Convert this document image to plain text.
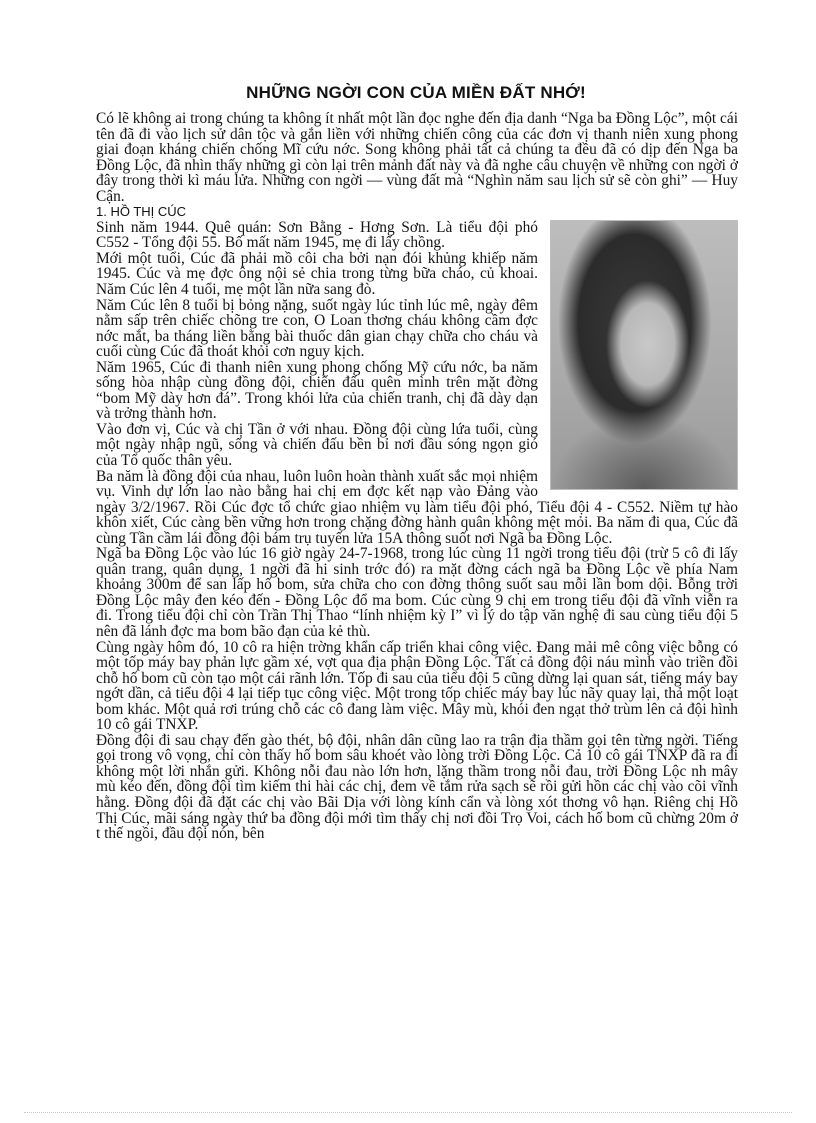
NHỮNG NGỜI CON CỦA MIỀN ĐẤT NHỚ!

Có lẽ không ai trong chúng ta không ít nhất một lần đọc nghe đến địa danh “Nga ba Đồng Lộc”, một cái tên đã đi vào lịch sử dân tộc và gắn liền với những chiến công của các đơn vị thanh niên xung phong giai đoạn kháng chiến chống Mĩ cứu nớc. Song không phải tất cả chúng ta đều đã có dịp đến Nga ba Đồng Lộc, đã nhìn thấy những gì còn lại trên mảnh đất này và đã nghe câu chuyện về những con ngời ở đây trong thời kì máu lửa. Những con ngời — vùng đất mà “Nghìn năm sau lịch sử sẽ còn ghi” — Huy Cận.

1. HỒ THỊ CÚC

Sinh năm 1944. Quê quán: Sơn Bằng - Hơng Sơn. Là tiểu đội phó C552 - Tổng đội 55. Bố mất năm 1945, mẹ đi lấy chồng.

Mới một tuổi, Cúc đã phải mồ côi cha bởi nạn đói khủng khiếp năm 1945. Cúc và mẹ đợc ông nội sẻ chia trong từng bữa cháo, củ khoai. Năm Cúc lên 4 tuổi, mẹ một lần nữa sang đò.

Năm Cúc lên 8 tuổi bị bỏng nặng, suốt ngày lúc tỉnh lúc mê, ngày đêm nằm sấp trên chiếc chõng tre con, O Loan thơng cháu không cầm đợc nớc mắt, ba tháng liền bằng bài thuốc dân gian chạy chữa cho cháu và cuối cùng Cúc đã thoát khỏi cơn nguy kịch.

Năm 1965, Cúc đi thanh niên xung phong chống Mỹ cứu nớc, ba năm sống hòa nhập cùng đồng đội, chiến đấu quên mình trên mặt đờng “bom Mỹ dày hơn đá”. Trong khói lửa của chiến tranh, chị đã dày dạn và trởng thành hơn.

Vào đơn vị, Cúc và chị Tần ở với nhau. Đồng đội cùng lứa tuổi, cùng một ngày nhập ngũ, sống và chiến đấu bền bỉ nơi đầu sóng ngọn gió của Tổ quốc thân yêu.

Ba năm là đồng đội của nhau, luôn luôn hoàn thành xuất sắc mọi nhiệm vụ. Vinh dự lớn lao nào bằng hai chị em đợc kết nạp vào Đảng vào ngày 3/2/1967. Rồi Cúc đợc tổ chức giao nhiệm vụ làm tiểu đội phó, Tiểu đội 4 - C552. Niềm tự hào khôn xiết, Cúc càng bền vững hơn trong chặng đờng hành quân không mệt mỏi. Ba năm đi qua, Cúc đã cùng Tần cầm lái đồng đội bám trụ tuyến lửa 15A thông suốt nơi Ngã ba Đồng Lộc.

Ngã ba Đồng Lộc vào lúc 16 giờ ngày 24-7-1968, trong lúc cùng 11 ngời trong tiểu đội (trừ 5 cô đi lấy quân trang, quân dụng, 1 ngời đã hi sinh trớc đó) ra mặt đờng cách ngã ba Đồng Lộc về phía Nam khoảng 300m để san lấp hố bom, sửa chữa cho con đờng thông suốt sau mỗi lần bom dội. Bỗng trời Đồng Lộc mây đen kéo đến - Đồng Lộc đổ ma bom. Cúc cùng 9 chị em trong tiểu đội đã vĩnh viễn ra đi. Trong tiểu đội chỉ còn Trần Thị Thao “lính nhiệm kỳ I” vì lý do tập văn nghệ đi sau cùng tiểu đội 5 nên đã lánh đợc ma bom bão đạn của kẻ thù.

Cùng ngày hôm đó, 10 cô ra hiện trờng khẩn cấp triển khai công việc. Đang mải mê công việc bỗng có một tốp máy bay phản lực gầm xé, vợt qua địa phận Đồng Lộc. Tất cả đồng đội náu mình vào triền đồi chỗ hố bom cũ còn tạo một cái rãnh lớn. Tốp đi sau của tiểu đội 5 cũng dừng lại quan sát, tiếng máy bay ngớt dần, cả tiểu đội 4 lại tiếp tục công việc. Một trong tốp chiếc máy bay lúc nãy quay lại, thả một loạt bom khác. Một quả rơi trúng chỗ các cô đang làm việc. Mây mù, khói đen ngạt thở trùm lên cả đội hình 10 cô gái TNXP.

Đồng đội đi sau chạy đến gào thét, bộ đội, nhân dân cũng lao ra trận địa thầm gọi tên từng ngời. Tiếng gọi trong vô vọng, chỉ còn thấy hố bom sâu khoét vào lòng trời Đồng Lộc. Cả 10 cô gái TNXP đã ra đi không một lời nhắn gửi. Không nỗi đau nào lớn hơn, lặng thầm trong nỗi đau, trời Đồng Lộc nh mây mù kéo đến, đồng đội tìm kiếm thi hài các chị, đem về tắm rửa sạch sẽ rồi gửi hồn các chị vào cõi vĩnh hằng. Đồng đội đã đặt các chị vào Bãi Dịa với lòng kính cẩn và lòng xót thơng vô hạn. Riêng chị Hồ Thị Cúc, mãi sáng ngày thứ ba đồng đội mới tìm thấy chị nơi đồi Trọ Voi, cách hố bom cũ chừng 20m ở t thế ngồi, đầu đội nón, bên
